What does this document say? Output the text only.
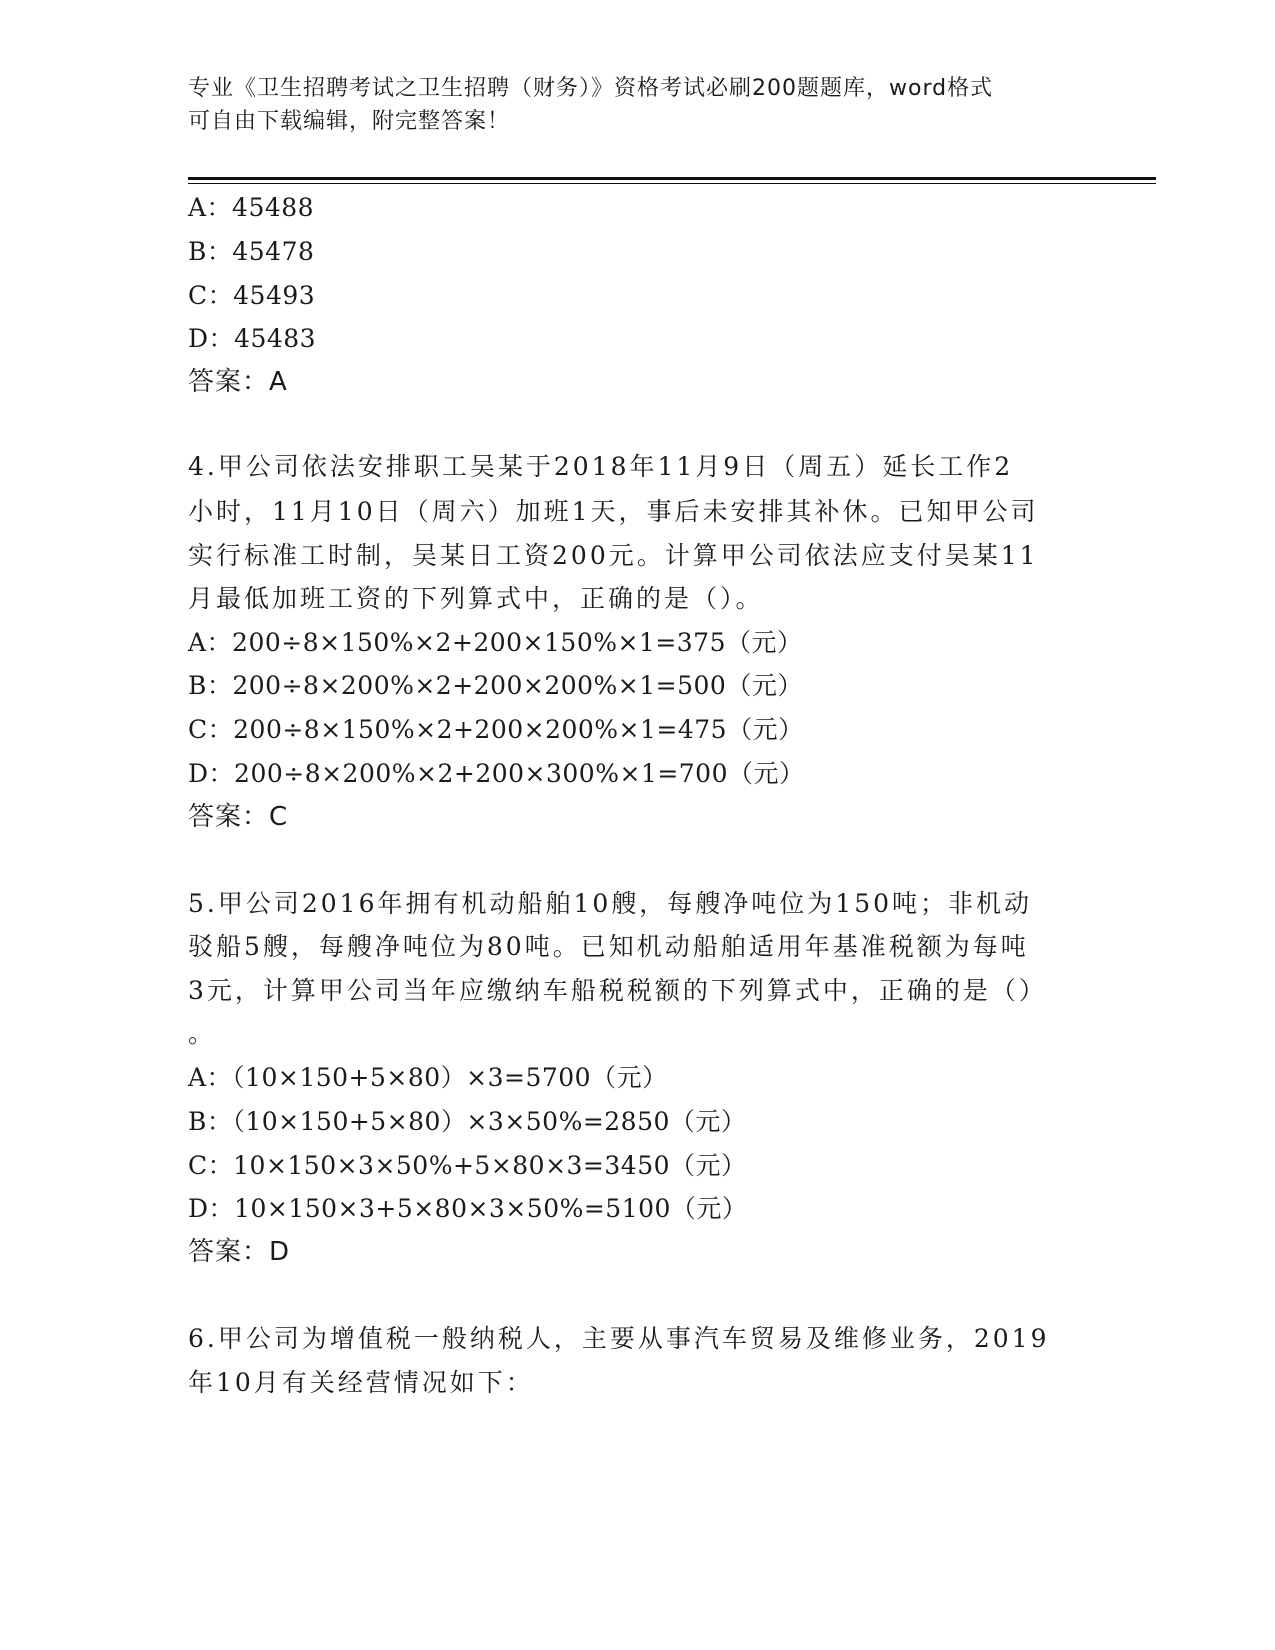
专业《卫生招聘考试之卫生招聘（财务）》资格考试必刷200题题库，word格式
可自由下载编辑，附完整答案！
A：45488
B：45478
C：45493
D：45483
答案：A
4.甲公司依法安排职工吴某于2018年11月9日（周五）延长工作2
小时，11月10日（周六）加班1天，事后未安排其补休。已知甲公司
实行标准工时制，吴某日工资200元。计算甲公司依法应支付吴某11
月最低加班工资的下列算式中，正确的是（）。
A：200÷8×150%×2+200×150%×1=375（元）
B：200÷8×200%×2+200×200%×1=500（元）
C：200÷8×150%×2+200×200%×1=475（元）
D：200÷8×200%×2+200×300%×1=700（元）
答案：C
5.甲公司2016年拥有机动船舶10艘，每艘净吨位为150吨；非机动
驳船5艘，每艘净吨位为80吨。已知机动船舶适用年基准税额为每吨
3元，计算甲公司当年应缴纳车船税税额的下列算式中，正确的是（）
。
A：（10×150+5×80）×3=5700（元）
B：（10×150+5×80）×3×50%=2850（元）
C：10×150×3×50%+5×80×3=3450（元）
D：10×150×3+5×80×3×50%=5100（元）
答案：D
6.甲公司为增值税一般纳税人，主要从事汽车贸易及维修业务，2019
年10月有关经营情况如下：
